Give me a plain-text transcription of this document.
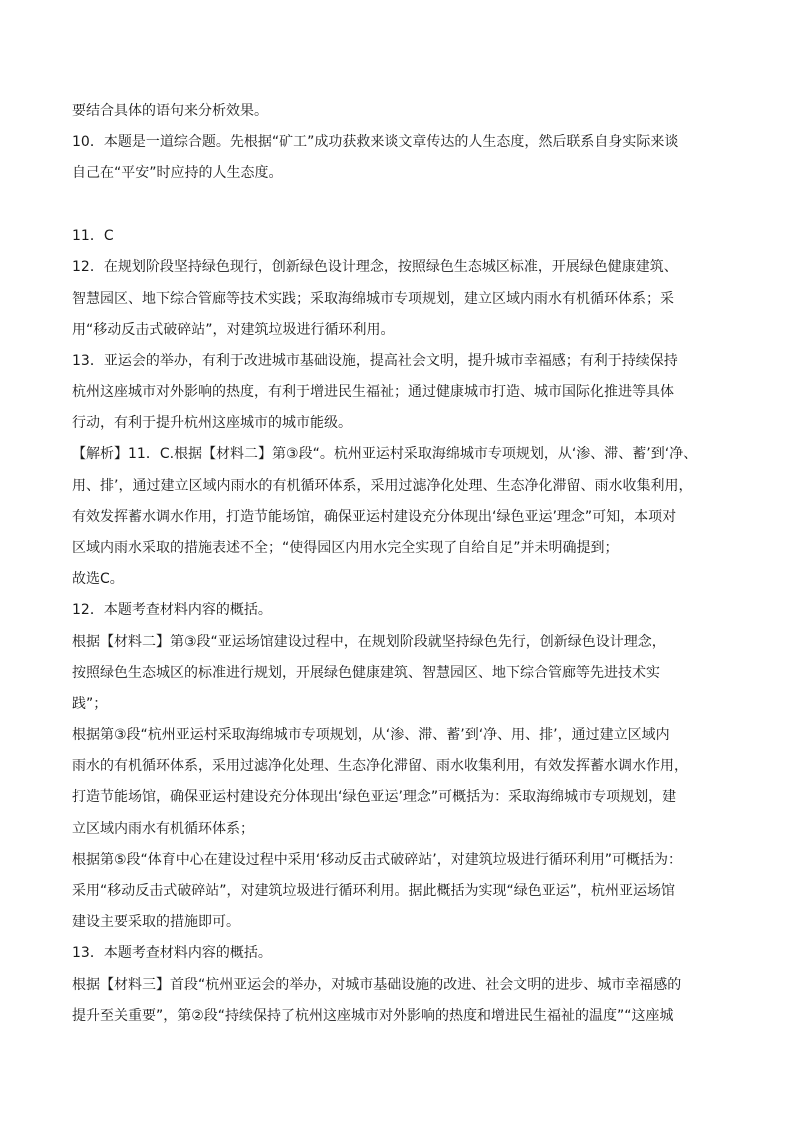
要结合具体的语句来分析效果。
10．本题是一道综合题。先根据“矿工”成功获救来谈文章传达的人生态度，然后联系自身实际来谈
自己在“平安”时应持的人生态度。
11．C
12．在规划阶段坚持绿色现行，创新绿色设计理念，按照绿色生态城区标准，开展绿色健康建筑、
智慧园区、地下综合管廊等技术实践；采取海绵城市专项规划，建立区域内雨水有机循环体系；采
用“移动反击式破碎站”，对建筑垃圾进行循环利用。
13．亚运会的举办，有利于改进城市基础设施，提高社会文明，提升城市幸福感；有利于持续保持
杭州这座城市对外影响的热度，有利于增进民生福祉；通过健康城市打造、城市国际化推进等具体
行动，有利于提升杭州这座城市的城市能级。
【解析】11．C.根据【材料二】第③段“。杭州亚运村采取海绵城市专项规划，从‘渗、滞、蓄’到‘净、
用、排’，通过建立区域内雨水的有机循环体系，采用过滤净化处理、生态净化滞留、雨水收集利用，
有效发挥蓄水调水作用，打造节能场馆，确保亚运村建设充分体现出‘绿色亚运’理念”可知，本项对
区域内雨水采取的措施表述不全；“使得园区内用水完全实现了自给自足”并未明确提到；
故选C。
12．本题考查材料内容的概括。
根据【材料二】第③段“亚运场馆建设过程中，在规划阶段就坚持绿色先行，创新绿色设计理念，
按照绿色生态城区的标准进行规划，开展绿色健康建筑、智慧园区、地下综合管廊等先进技术实
践”；
根据第③段“杭州亚运村采取海绵城市专项规划，从‘渗、滞、蓄’到‘净、用、排’，通过建立区域内
雨水的有机循环体系，采用过滤净化处理、生态净化滞留、雨水收集利用，有效发挥蓄水调水作用，
打造节能场馆，确保亚运村建设充分体现出‘绿色亚运’理念”可概括为：采取海绵城市专项规划，建
立区域内雨水有机循环体系；
根据第⑤段“体育中心在建设过程中采用‘移动反击式破碎站’，对建筑垃圾进行循环利用”可概括为：
采用“移动反击式破碎站”，对建筑垃圾进行循环利用。据此概括为实现“绿色亚运”，杭州亚运场馆
建设主要采取的措施即可。
13．本题考查材料内容的概括。
根据【材料三】首段“杭州亚运会的举办，对城市基础设施的改进、社会文明的进步、城市幸福感的
提升至关重要”，第②段“持续保持了杭州这座城市对外影响的热度和增进民生福祉的温度”“这座城
